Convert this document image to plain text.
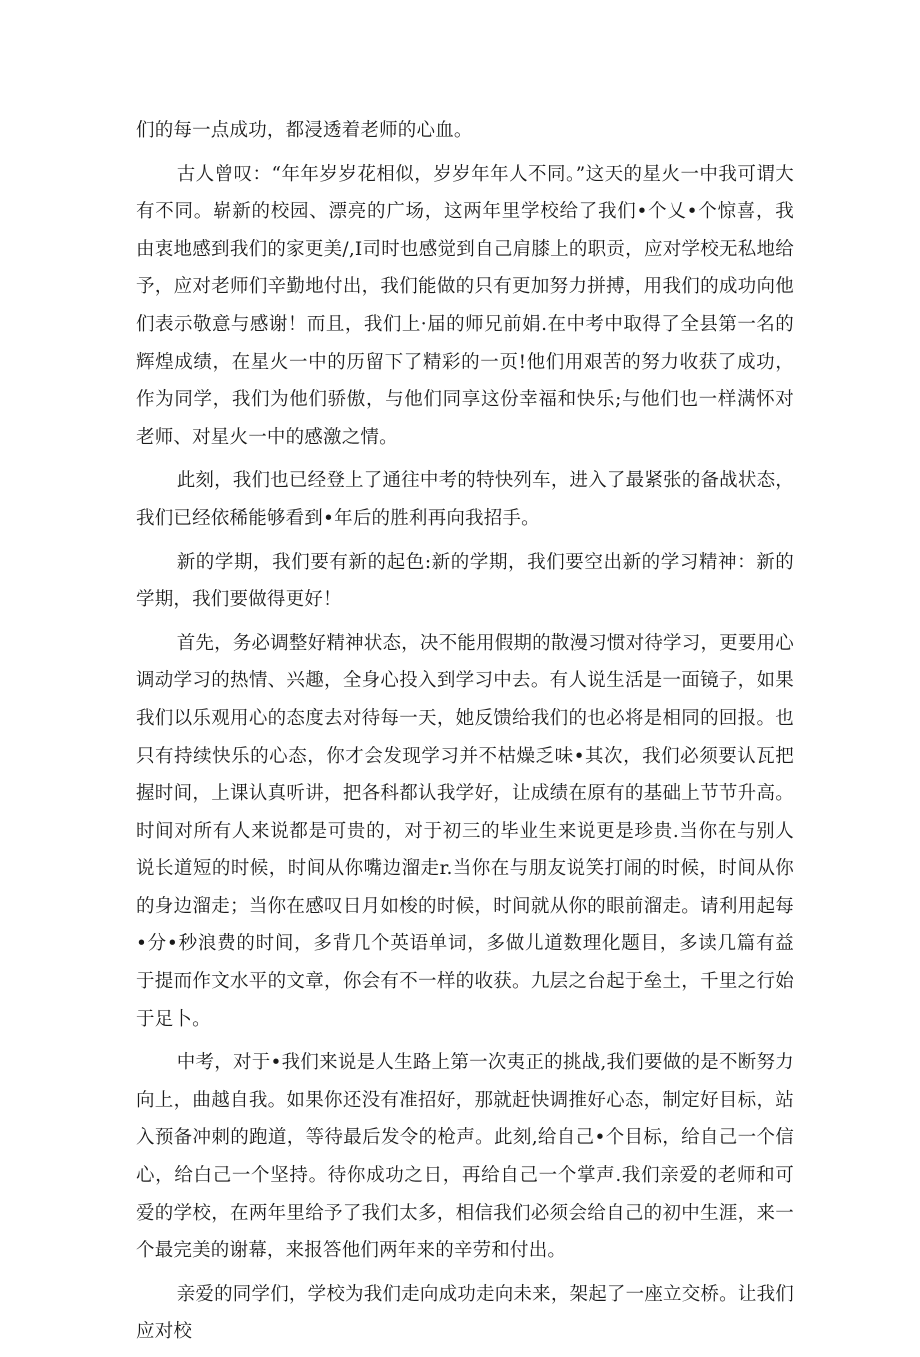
们的每一点成功，都浸透着老师的心血。

古人曾叹：“年年岁岁花相似，岁岁年年人不同。”这天的星火一中我可谓大有不同。崭新的校园、漂亮的广场，这两年里学校给了我们•个乂•个惊喜，我由衷地感到我们的家更美/,I司时也感觉到自己肩膝上的职贡，应对学校无私地给予，应对老师们辛勤地付出，我们能做的只有更加努力拼搏，用我们的成功向他们表示敬意与感谢！而且，我们上·届的师兄前娟.在中考中取得了全县第一名的辉煌成绩，在星火一中的历留下了精彩的一页!他们用艰苦的努力收获了成功，作为同学，我们为他们骄傲，与他们同享这份幸福和快乐;与他们也一样满怀对老师、对星火一中的感激之情。

此刻，我们也已经登上了通往中考的特快列车，进入了最紧张的备战状态，我们已经依稀能够看到•年后的胜利再向我招手。

新的学期，我们要有新的起色:新的学期，我们要空出新的学习精神：新的学期，我们要做得更好！

首先，务必调整好精神状态，决不能用假期的散漫习惯对待学习，更要用心调动学习的热情、兴趣，全身心投入到学习中去。有人说生活是一面镜子，如果我们以乐观用心的态度去对待每一天，她反馈给我们的也必将是相同的回报。也只有持续快乐的心态，你才会发现学习并不枯燥乏味•其次，我们必须要认瓦把握时间，上课认真听讲，把各科都认我学好，让成绩在原有的基础上节节升高。时间对所有人来说都是可贵的，对于初三的毕业生来说更是珍贵.当你在与别人说长道短的时候，时间从你嘴边溜走r.当你在与朋友说笑打闹的时候，时间从你的身边溜走；当你在感叹日月如梭的时候，时间就从你的眼前溜走。请利用起每•分•秒浪费的时间，多背几个英语单词，多做儿道数理化题目，多读几篇有益于提而作文水平的文章，你会有不一样的收获。九层之台起于垒土，千里之行始于足卜。

中考，对于•我们来说是人生路上第一次夷正的挑战,我们要做的是不断努力向上，曲越自我。如果你还没有准招好，那就赶快调推好心态，制定好目标，站入预备冲刺的跑道，等待最后发令的枪声。此刻,给自己•个目标，给自己一个信心，给白己一个坚持。待你成功之日，再给自己一个掌声.我们亲爱的老师和可爱的学校，在两年里给予了我们太多，相信我们必须会给自己的初中生涯，来一个最完美的谢幕，来报答他们两年来的辛劳和付出。

亲爱的同学们，学校为我们走向成功走向未来，架起了一座立交桥。让我们应对校
